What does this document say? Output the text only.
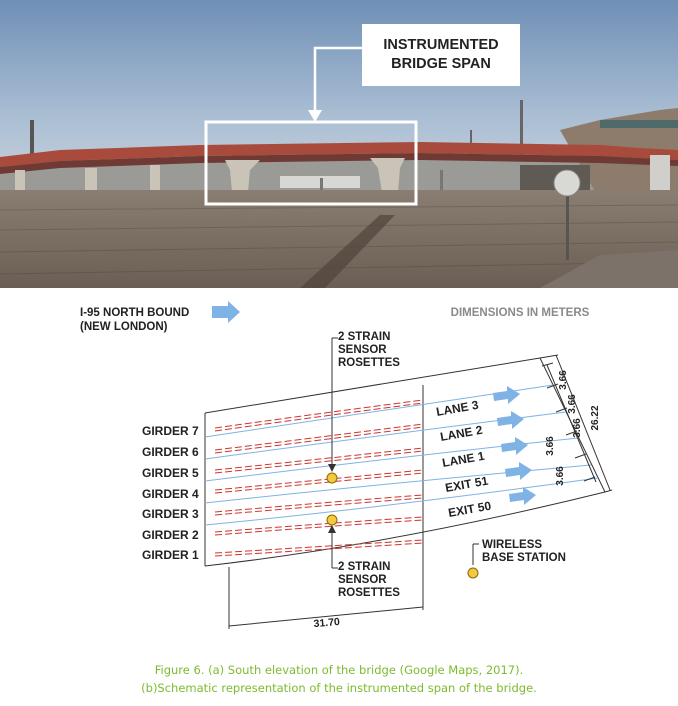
INSTRUMENTED
BRIDGE SPAN
I-95 NORTH BOUND
(NEW LONDON)
DIMENSIONS IN METERS
GIRDER 7
GIRDER 6
GIRDER 5
GIRDER 4
GIRDER 3
GIRDER 2
GIRDER 1
LANE 3
LANE 2
LANE 1
EXIT 51
EXIT 50
3.66
3.66
3.66
3.66
3.66
26.22
31.70
2 STRAIN
SENSOR
ROSETTES
2 STRAIN
SENSOR
ROSETTES
WIRELESS
BASE STATION
Figure 6. (a) South elevation of the bridge (Google Maps, 2017).
(b)Schematic representation of the instrumented span of the bridge.
